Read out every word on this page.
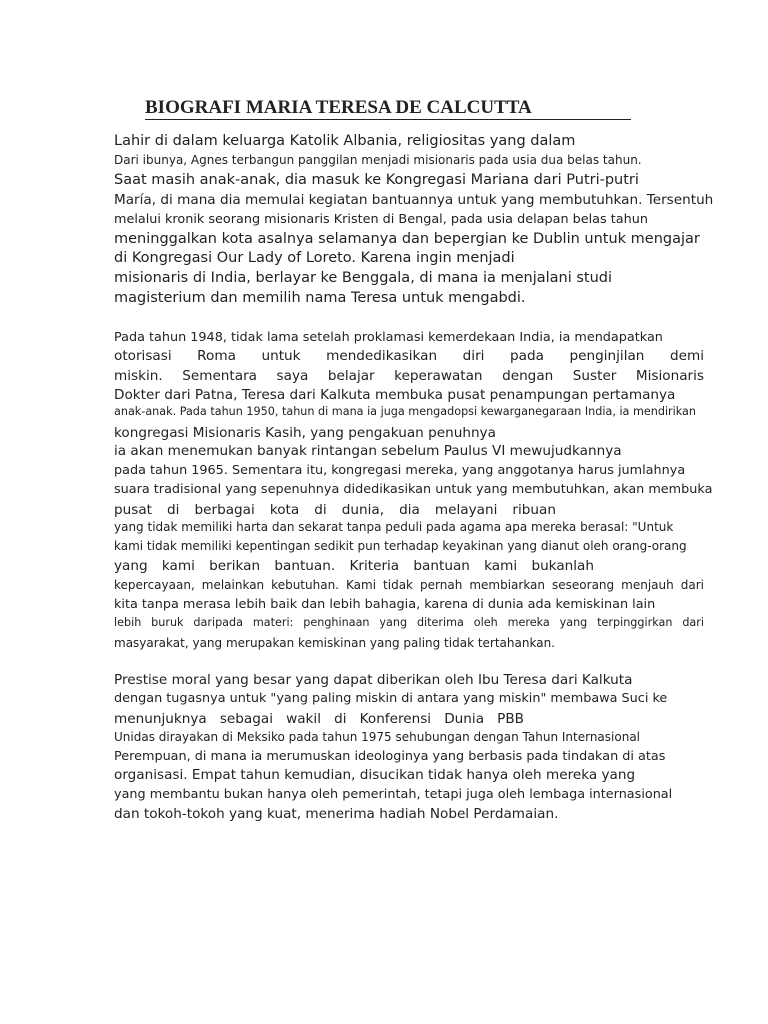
BIOGRAFI MARIA TERESA DE CALCUTTA
Lahir di dalam keluarga Katolik Albania, religiositas yang dalam
Dari ibunya, Agnes terbangun panggilan menjadi misionaris pada usia dua belas tahun.
Saat masih anak-anak, dia masuk ke Kongregasi Mariana dari Putri-putri
María, di mana dia memulai kegiatan bantuannya untuk yang membutuhkan. Tersentuh
melalui kronik seorang misionaris Kristen di Bengal, pada usia delapan belas tahun
meninggalkan kota asalnya selamanya dan bepergian ke Dublin untuk mengajar
di Kongregasi Our Lady of Loreto. Karena ingin menjadi
misionaris di India, berlayar ke Benggala, di mana ia menjalani studi
magisterium dan memilih nama Teresa untuk mengabdi.
Pada tahun 1948, tidak lama setelah proklamasi kemerdekaan India, ia mendapatkan
otorisasi Roma untuk mendedikasikan diri pada penginjilan demi
miskin. Sementara saya belajar keperawatan dengan Suster Misionaris
Dokter dari Patna, Teresa dari Kalkuta membuka pusat penampungan pertamanya
anak-anak. Pada tahun 1950, tahun di mana ia juga mengadopsi kewarganegaraan India, ia mendirikan
kongregasi Misionaris Kasih, yang pengakuan penuhnya
ia akan menemukan banyak rintangan sebelum Paulus VI mewujudkannya
pada tahun 1965. Sementara itu, kongregasi mereka, yang anggotanya harus jumlahnya
suara tradisional yang sepenuhnya didedikasikan untuk yang membutuhkan, akan membuka
pusat di berbagai kota di dunia, dia melayani ribuan
yang tidak memiliki harta dan sekarat tanpa peduli pada agama apa mereka berasal: "Untuk
kami tidak memiliki kepentingan sedikit pun terhadap keyakinan yang dianut oleh orang-orang
yang kami berikan bantuan. Kriteria bantuan kami bukanlah
kepercayaan, melainkan kebutuhan. Kami tidak pernah membiarkan seseorang menjauh dari
kita tanpa merasa lebih baik dan lebih bahagia, karena di dunia ada kemiskinan lain
lebih buruk daripada materi: penghinaan yang diterima oleh mereka yang terpinggirkan dari
masyarakat, yang merupakan kemiskinan yang paling tidak tertahankan.
Prestise moral yang besar yang dapat diberikan oleh Ibu Teresa dari Kalkuta
dengan tugasnya untuk "yang paling miskin di antara yang miskin" membawa Suci ke
menunjuknya sebagai wakil di Konferensi Dunia PBB
Unidas dirayakan di Meksiko pada tahun 1975 sehubungan dengan Tahun Internasional
Perempuan, di mana ia merumuskan ideologinya yang berbasis pada tindakan di atas
organisasi. Empat tahun kemudian, disucikan tidak hanya oleh mereka yang
yang membantu bukan hanya oleh pemerintah, tetapi juga oleh lembaga internasional
dan tokoh-tokoh yang kuat, menerima hadiah Nobel Perdamaian.
